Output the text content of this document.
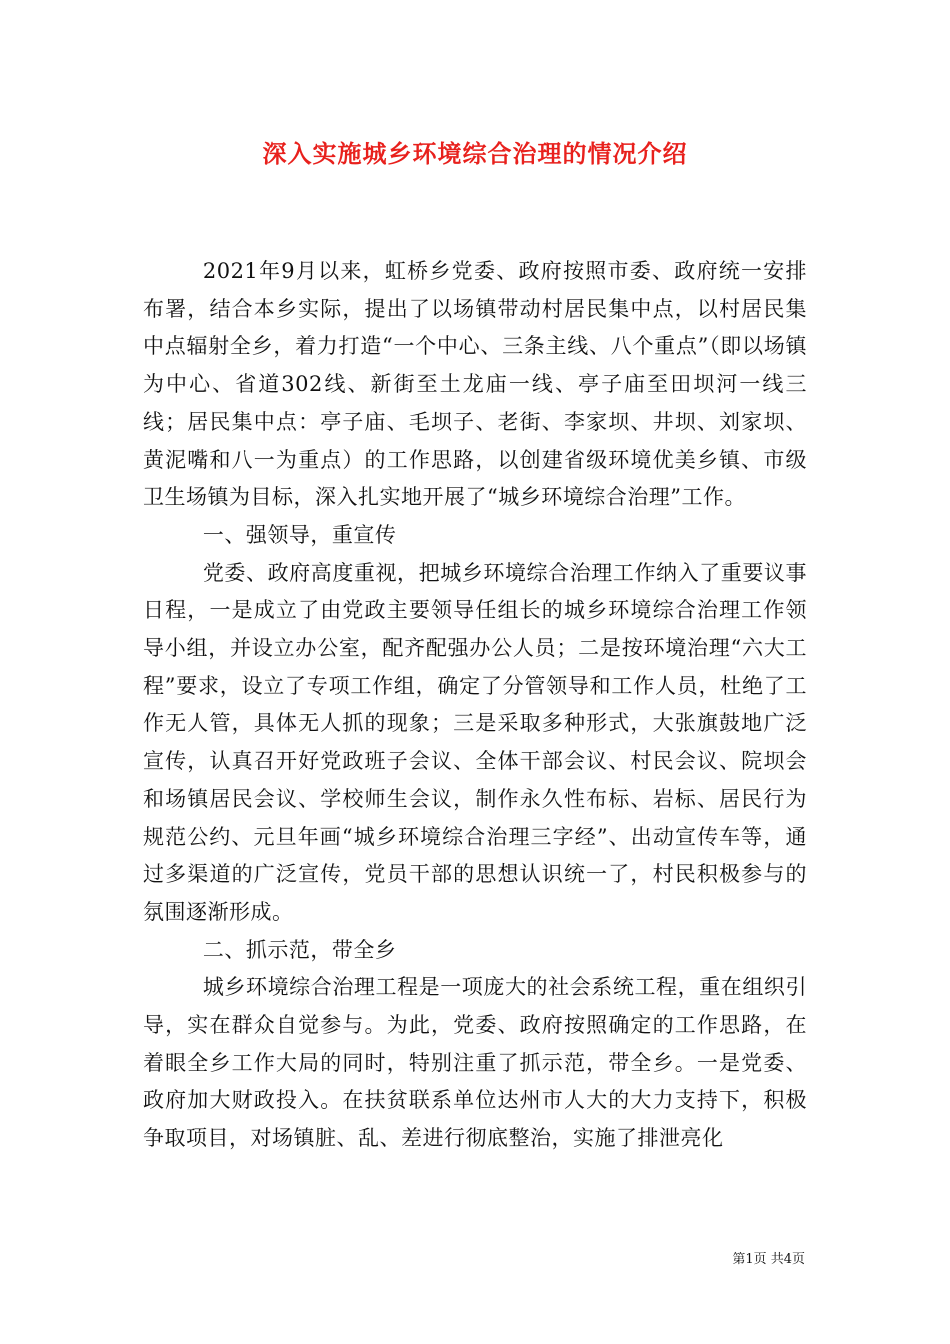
深入实施城乡环境综合治理的情况介绍

2021年9月以来，虹桥乡党委、政府按照市委、政府统一安排布署，结合本乡实际，提出了以场镇带动村居民集中点，以村居民集中点辐射全乡，着力打造“一个中心、三条主线、八个重点”（即以场镇为中心、省道302线、新街至土龙庙一线、亭子庙至田坝河一线三线；居民集中点：亭子庙、毛坝子、老街、李家坝、井坝、刘家坝、黄泥嘴和八一为重点）的工作思路，以创建省级环境优美乡镇、市级卫生场镇为目标，深入扎实地开展了“城乡环境综合治理”工作。

一、强领导，重宣传

党委、政府高度重视，把城乡环境综合治理工作纳入了重要议事日程，一是成立了由党政主要领导任组长的城乡环境综合治理工作领导小组，并设立办公室，配齐配强办公人员；二是按环境治理“六大工程”要求，设立了专项工作组，确定了分管领导和工作人员，杜绝了工作无人管，具体无人抓的现象；三是采取多种形式，大张旗鼓地广泛宣传，认真召开好党政班子会议、全体干部会议、村民会议、院坝会和场镇居民会议、学校师生会议，制作永久性布标、岩标、居民行为规范公约、元旦年画“城乡环境综合治理三字经”、出动宣传车等，通过多渠道的广泛宣传，党员干部的思想认识统一了，村民积极参与的氛围逐渐形成。

二、抓示范，带全乡

城乡环境综合治理工程是一项庞大的社会系统工程，重在组织引导，实在群众自觉参与。为此，党委、政府按照确定的工作思路，在着眼全乡工作大局的同时，特别注重了抓示范，带全乡。一是党委、政府加大财政投入。在扶贫联系单位达州市人大的大力支持下，积极争取项目，对场镇脏、乱、差进行彻底整治，实施了排泄亮化

第1页 共4页
